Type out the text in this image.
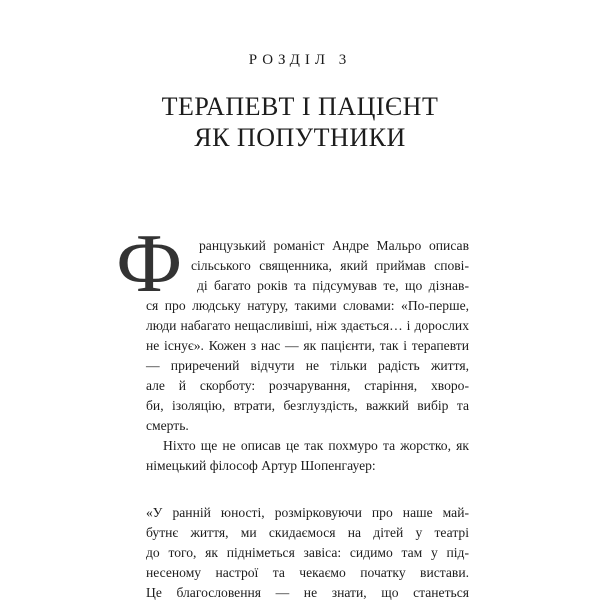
РОЗДІЛ 3
ТЕРАПЕВТ І ПАЦІЄНТ
ЯК ПОПУТНИКИ
Ф ранцузький романіст Андре Мальро описав
сільського священника, який приймав спові-
ді багато років та підсумував те, що дізнав-
ся про людську натуру, такими словами: «По-перше,
люди набагато нещасливіші, ніж здається… і дорослих
не існує». Кожен з нас — як пацієнти, так і терапевти
— приречений відчути не тільки радість життя,
але й скорботу: розчарування, старіння, хворо-
би, ізоляцію, втрати, безглуздість, важкий вибір та
смерть.
Ніхто ще не описав це так похмуро та жорстко, як
німецький філософ Артур Шопенгауер:
«У ранній юності, розмірковуючи про наше май-
бутнє життя, ми скидаємося на дітей у театрі
до того, як підніметься завіса: сидимо там у під-
несеному настрої та чекаємо початку вистави.
Це благословення — не знати, що станеться
